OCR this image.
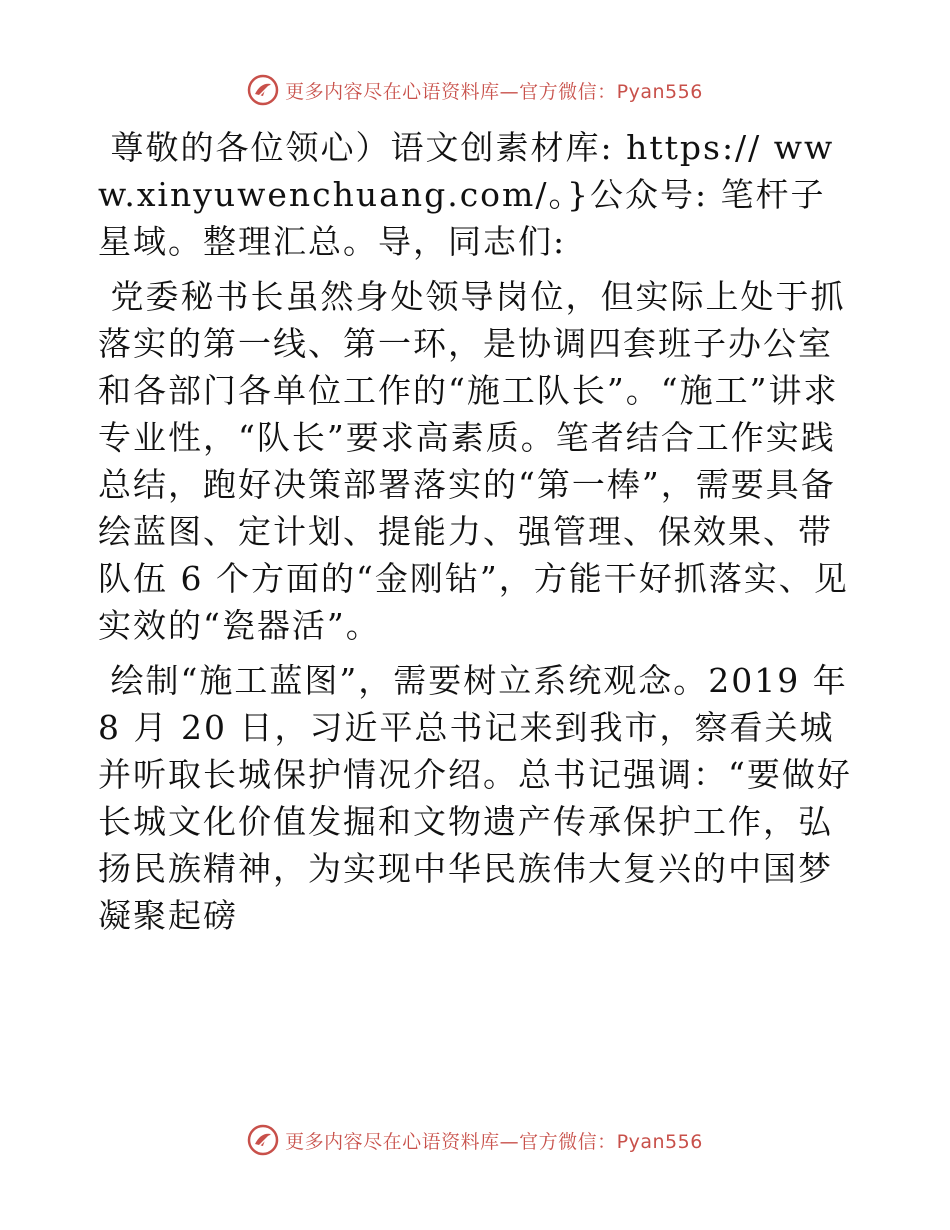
更多内容尽在心语资料库—官方微信：Pyan556

尊敬的各位领心）语文创素材库: https:// www.xinyuwenchuang.com/。}公众号: 笔杆子星域。整理汇总。导，同志们:

党委秘书长虽然身处领导岗位，但实际上处于抓落实的第一线、第一环，是协调四套班子办公室和各部门各单位工作的“施工队长”。“施工”讲求专业性，“队长”要求高素质。笔者结合工作实践总结，跑好决策部署落实的“第一棒”，需要具备绘蓝图、定计划、提能力、强管理、保效果、带队伍 6 个方面的“金刚钻”，方能干好抓落实、见实效的“瓷器活”。

绘制“施工蓝图”，需要树立系统观念。2019 年8 月 20 日，习近平总书记来到我市，察看关城并听取长城保护情况介绍。总书记强调：“要做好长城文化价值发掘和文物遗产传承保护工作，弘扬民族精神，为实现中华民族伟大复兴的中国梦凝聚起磅

更多内容尽在心语资料库—官方微信：Pyan556
